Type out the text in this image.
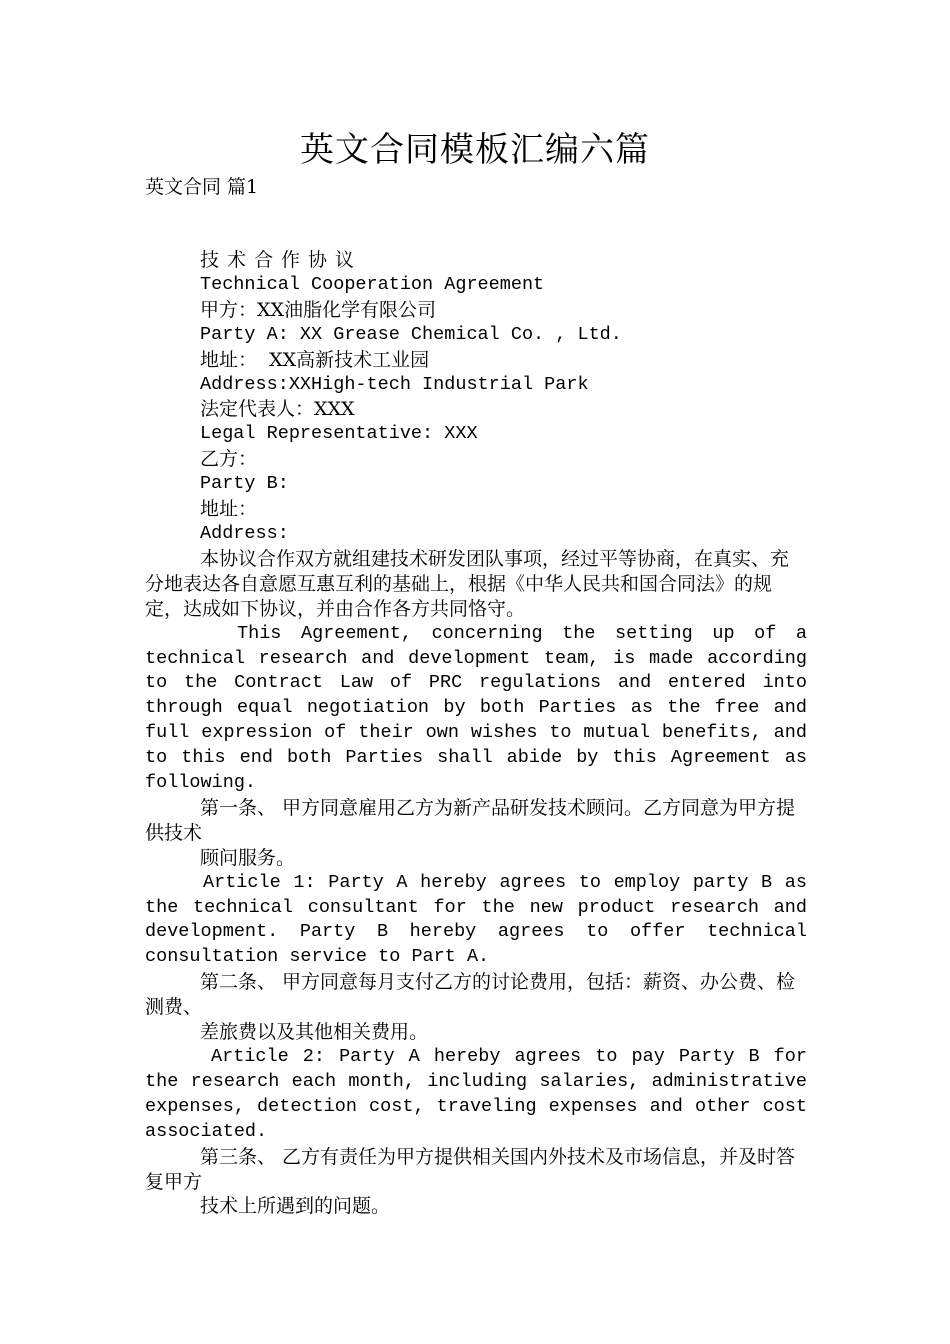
英文合同模板汇编六篇
英文合同 篇1

技术合作协议

Technical Cooperation Agreement

甲方：XX油脂化学有限公司

Party A: XX Grease Chemical Co. , Ltd.

地址：  XX高新技术工业园

Address:XXHigh-tech Industrial Park

法定代表人：XXX

Legal Representative: XXX

乙方：

Party B:

地址：

Address:

本协议合作双方就组建技术研发团队事项，经过平等协商，在真实、充分地表达各自意愿互惠互利的基础上，根据《中华人民共和国合同法》的规定，达成如下协议，并由合作各方共同恪守。

This Agreement, concerning the setting up of a technical research and development team, is made according to the Contract Law of PRC regulations and entered into through equal negotiation by both Parties as the free and full expression of their own wishes to mutual benefits, and to this end both Parties shall abide by this Agreement as following.

第一条、 甲方同意雇用乙方为新产品研发技术顾问。乙方同意为甲方提供技术

顾问服务。

Article 1: Party A hereby agrees to employ party B as the technical consultant for the new product research and development. Party B hereby agrees to offer technical consultation service to Part A.

第二条、 甲方同意每月支付乙方的讨论费用，包括：薪资、办公费、检测费、

差旅费以及其他相关费用。

Article 2: Party A hereby agrees to pay Party B for the research each month, including salaries, administrative expenses, detection cost, traveling expenses and other cost associated.

第三条、 乙方有责任为甲方提供相关国内外技术及市场信息，并及时答复甲方

技术上所遇到的问题。
